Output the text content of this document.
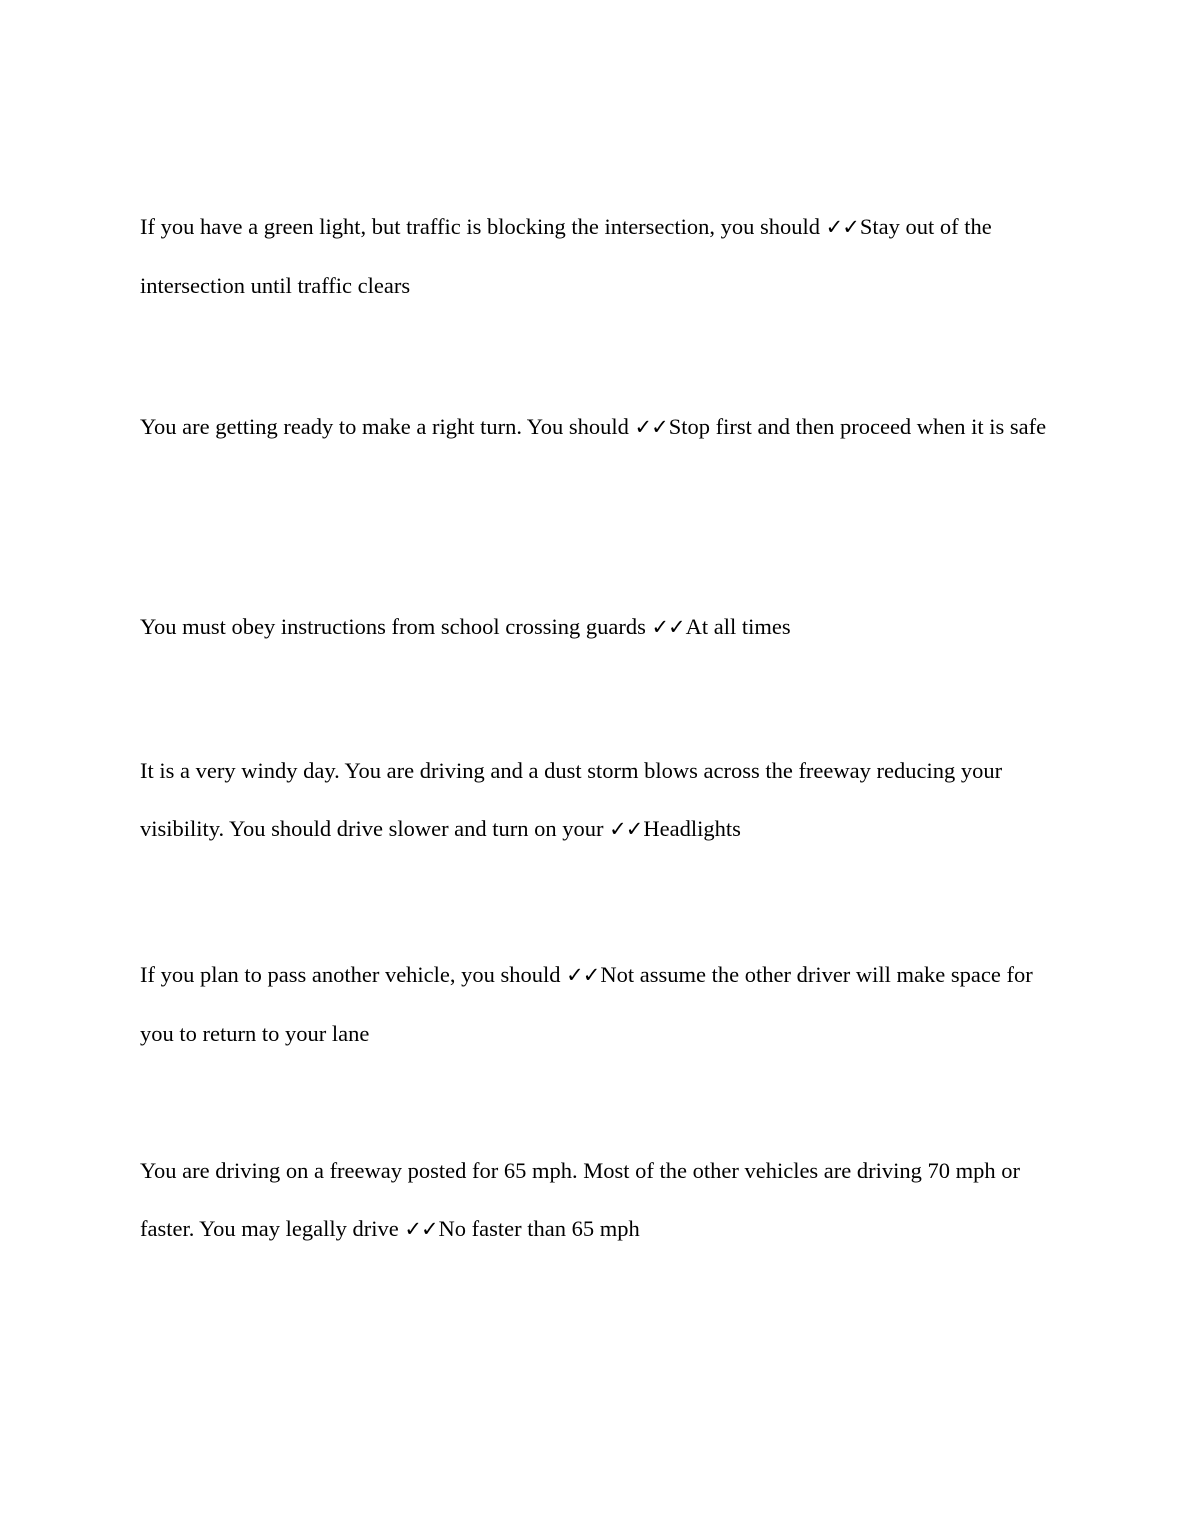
If you have a green light, but traffic is blocking the intersection, you should ✓✓Stay out of the intersection until traffic clears

You are getting ready to make a right turn. You should ✓✓Stop first and then proceed when it is safe

You must obey instructions from school crossing guards ✓✓At all times

It is a very windy day. You are driving and a dust storm blows across the freeway reducing your visibility. You should drive slower and turn on your ✓✓Headlights

If you plan to pass another vehicle, you should ✓✓Not assume the other driver will make space for you to return to your lane

You are driving on a freeway posted for 65 mph. Most of the other vehicles are driving 70 mph or faster. You may legally drive ✓✓No faster than 65 mph
